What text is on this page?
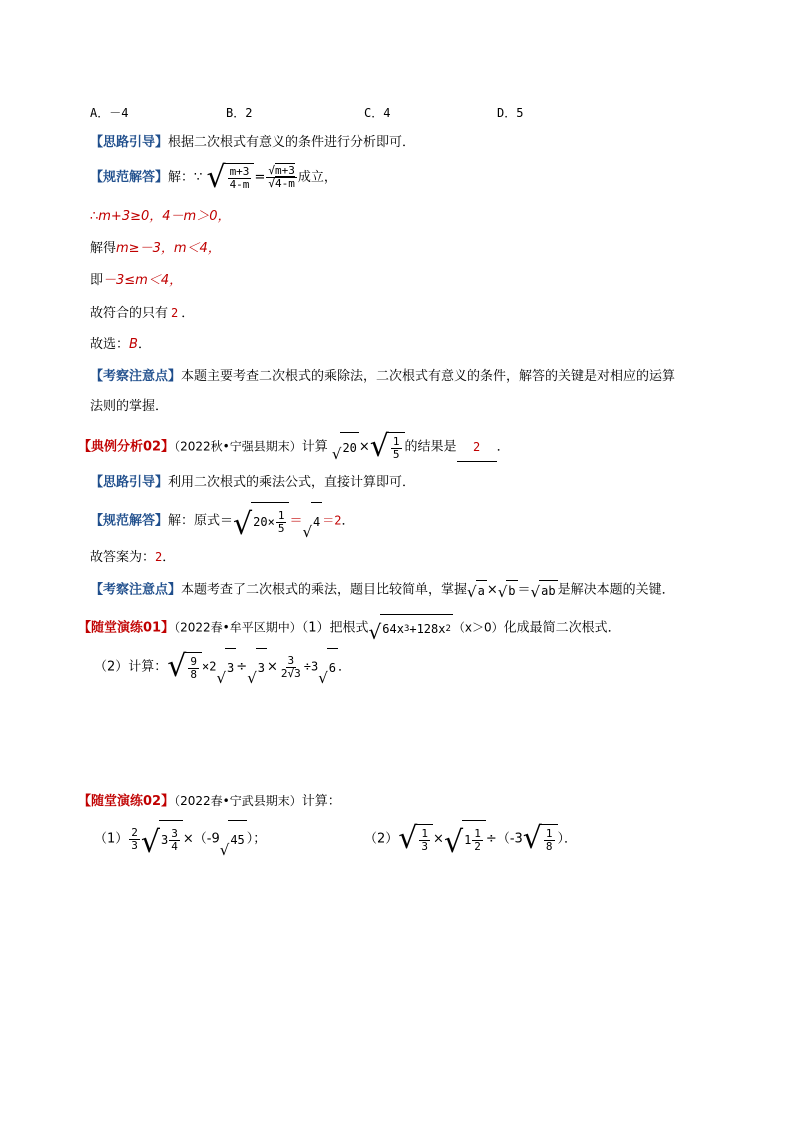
A．－4	B．2	C．4	D．5
【思路引导】根据二次根式有意义的条件进行分析即可．
【规范解答】解：∵ √ $\frac{m+3}{4-m} = \frac{√m+3}{√4-m}$ 成立，
∴m+3≥0，4－m＞0，
解得m≥－3，m＜4，
即－3≤m＜4，
故符合的只有 2 ．
故选：B．
【考察注意点】本题主要考查二次根式的乘除法，二次根式有意义的条件，解答的关键是对相应的运算
法则的掌握．
【典例分析02】（2022秋•宁强县期末）计算 √ 20 × √ $\frac{1}{5}$ 的结果是 2 ．
【思路引导】利用二次根式的乘法公式，直接计算即可．
【规范解答】解：原式＝ √ $20\times \frac{1}{5}$ ＝
√
4 ＝2．
故答案为：2．
【考察注意点】本题考查了二次根式的乘法，题目比较简单，掌握 √ a × √ b ＝ √ ab 是解决本题的关键．
【随堂演练01】（2022春•牟平区期中）（1）把根式 √ 64x 3 +128x 2 （x＞0）化成最简二次根式．
（2）计算： √ $\frac{9}{8} \times 2$
√
3 ÷
√
$3 \times \frac{3}{2√3} \div 3$
√
6 ．
【随堂演练02】（2022春•宁武县期末）计算：
$(1) \frac{2}{3}$ √ $3 \frac{3}{4} \times(-9$
√
45 ）；	（2） √ $\frac{1}{3}$ × √ $1 \frac{1}{2} \div(-3$ √ $\frac{1}{8}$ ）．
